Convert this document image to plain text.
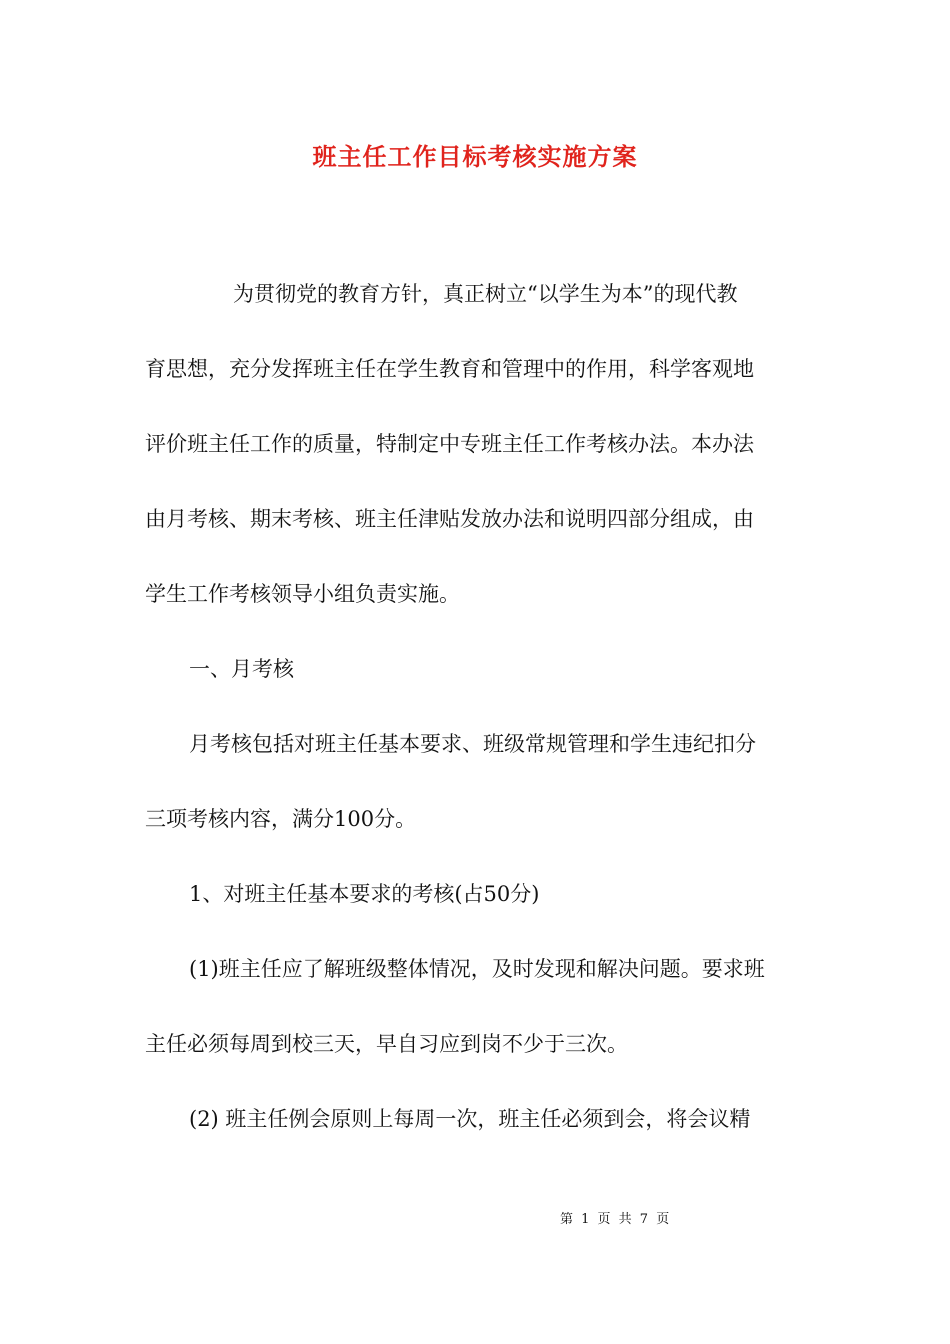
班主任工作目标考核实施方案
为贯彻党的教育方针，真正树立“以学生为本”的现代教
育思想，充分发挥班主任在学生教育和管理中的作用，科学客观地
评价班主任工作的质量，特制定中专班主任工作考核办法。本办法
由月考核、期末考核、班主任津贴发放办法和说明四部分组成，由
学生工作考核领导小组负责实施。
一、月考核
月考核包括对班主任基本要求、班级常规管理和学生违纪扣分
三项考核内容，满分100分。
1、对班主任基本要求的考核(占50分)
(1)班主任应了解班级整体情况，及时发现和解决问题。要求班
主任必须每周到校三天，早自习应到岗不少于三次。
(2) 班主任例会原则上每周一次，班主任必须到会，将会议精
第 1 页 共 7 页
